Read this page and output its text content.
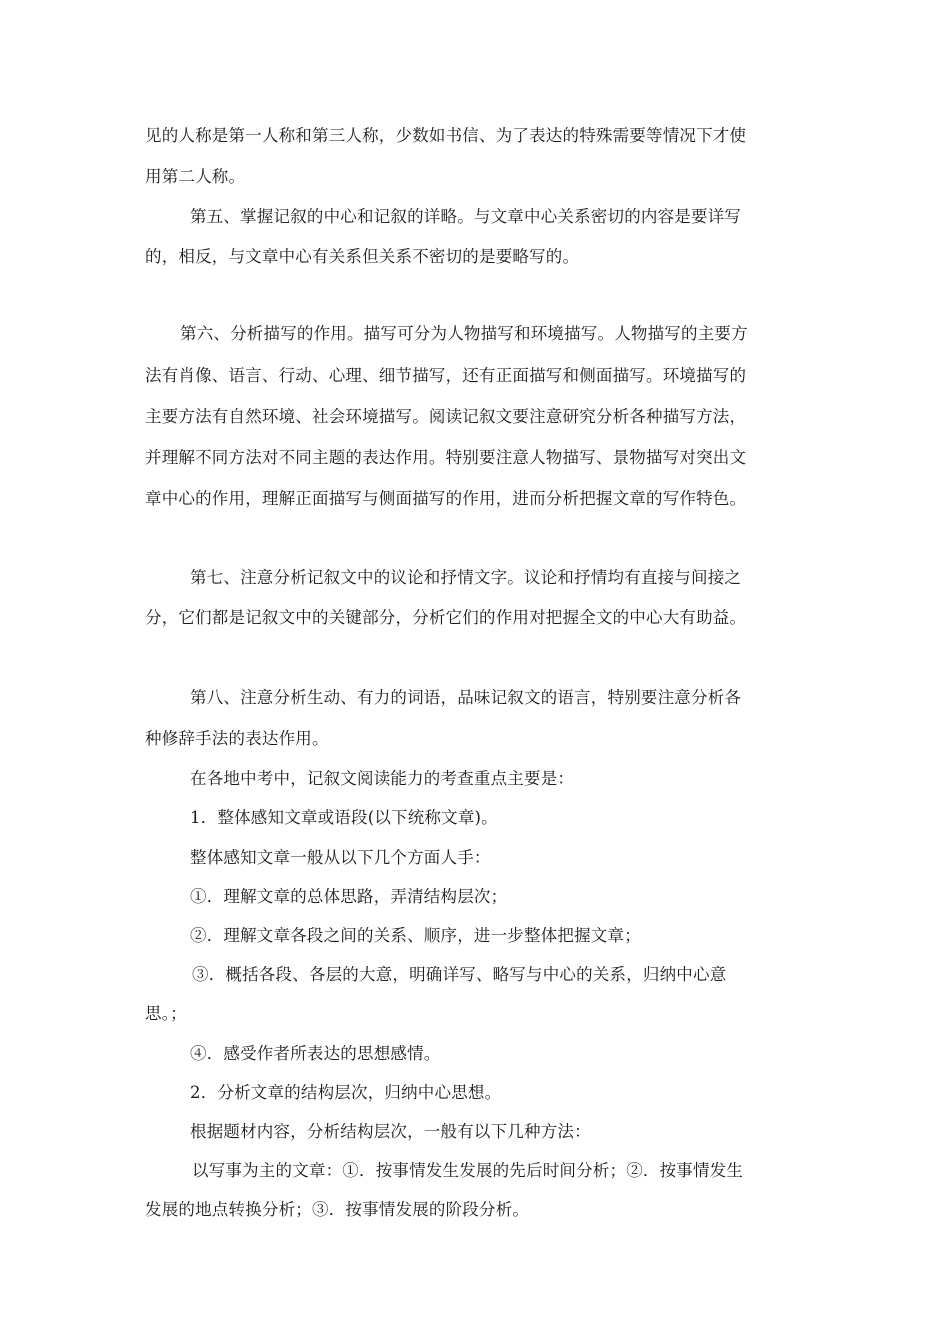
见的人称是第一人称和第三人称，少数如书信、为了表达的特殊需要等情况下才使
用第二人称。
第五、掌握记叙的中心和记叙的详略。与文章中心关系密切的内容是要详写
的，相反，与文章中心有关系但关系不密切的是要略写的。
第六、分析描写的作用。描写可分为人物描写和环境描写。人物描写的主要方
法有肖像、语言、行动、心理、细节描写，还有正面描写和侧面描写。环境描写的
主要方法有自然环境、社会环境描写。阅读记叙文要注意研究分析各种描写方法，
并理解不同方法对不同主题的表达作用。特别要注意人物描写、景物描写对突出文
章中心的作用，理解正面描写与侧面描写的作用，进而分析把握文章的写作特色。
第七、注意分析记叙文中的议论和抒情文字。议论和抒情均有直接与间接之
分，它们都是记叙文中的关键部分，分析它们的作用对把握全文的中心大有助益。
第八、注意分析生动、有力的词语，品味记叙文的语言，特别要注意分析各
种修辞手法的表达作用。
在各地中考中，记叙文阅读能力的考查重点主要是：
1．整体感知文章或语段(以下统称文章)。
整体感知文章一般从以下几个方面人手：
①．理解文章的总体思路，弄清结构层次；
②．理解文章各段之间的关系、顺序，进一步整体把握文章；
③．概括各段、各层的大意，明确详写、略写与中心的关系，归纳中心意
思。；
④．感受作者所表达的思想感情。
2．分析文章的结构层次，归纳中心思想。
根据题材内容，分析结构层次，一般有以下几种方法：
以写事为主的文章：①．按事情发生发展的先后时间分析；②．按事情发生
发展的地点转换分析；③．按事情发展的阶段分析。
